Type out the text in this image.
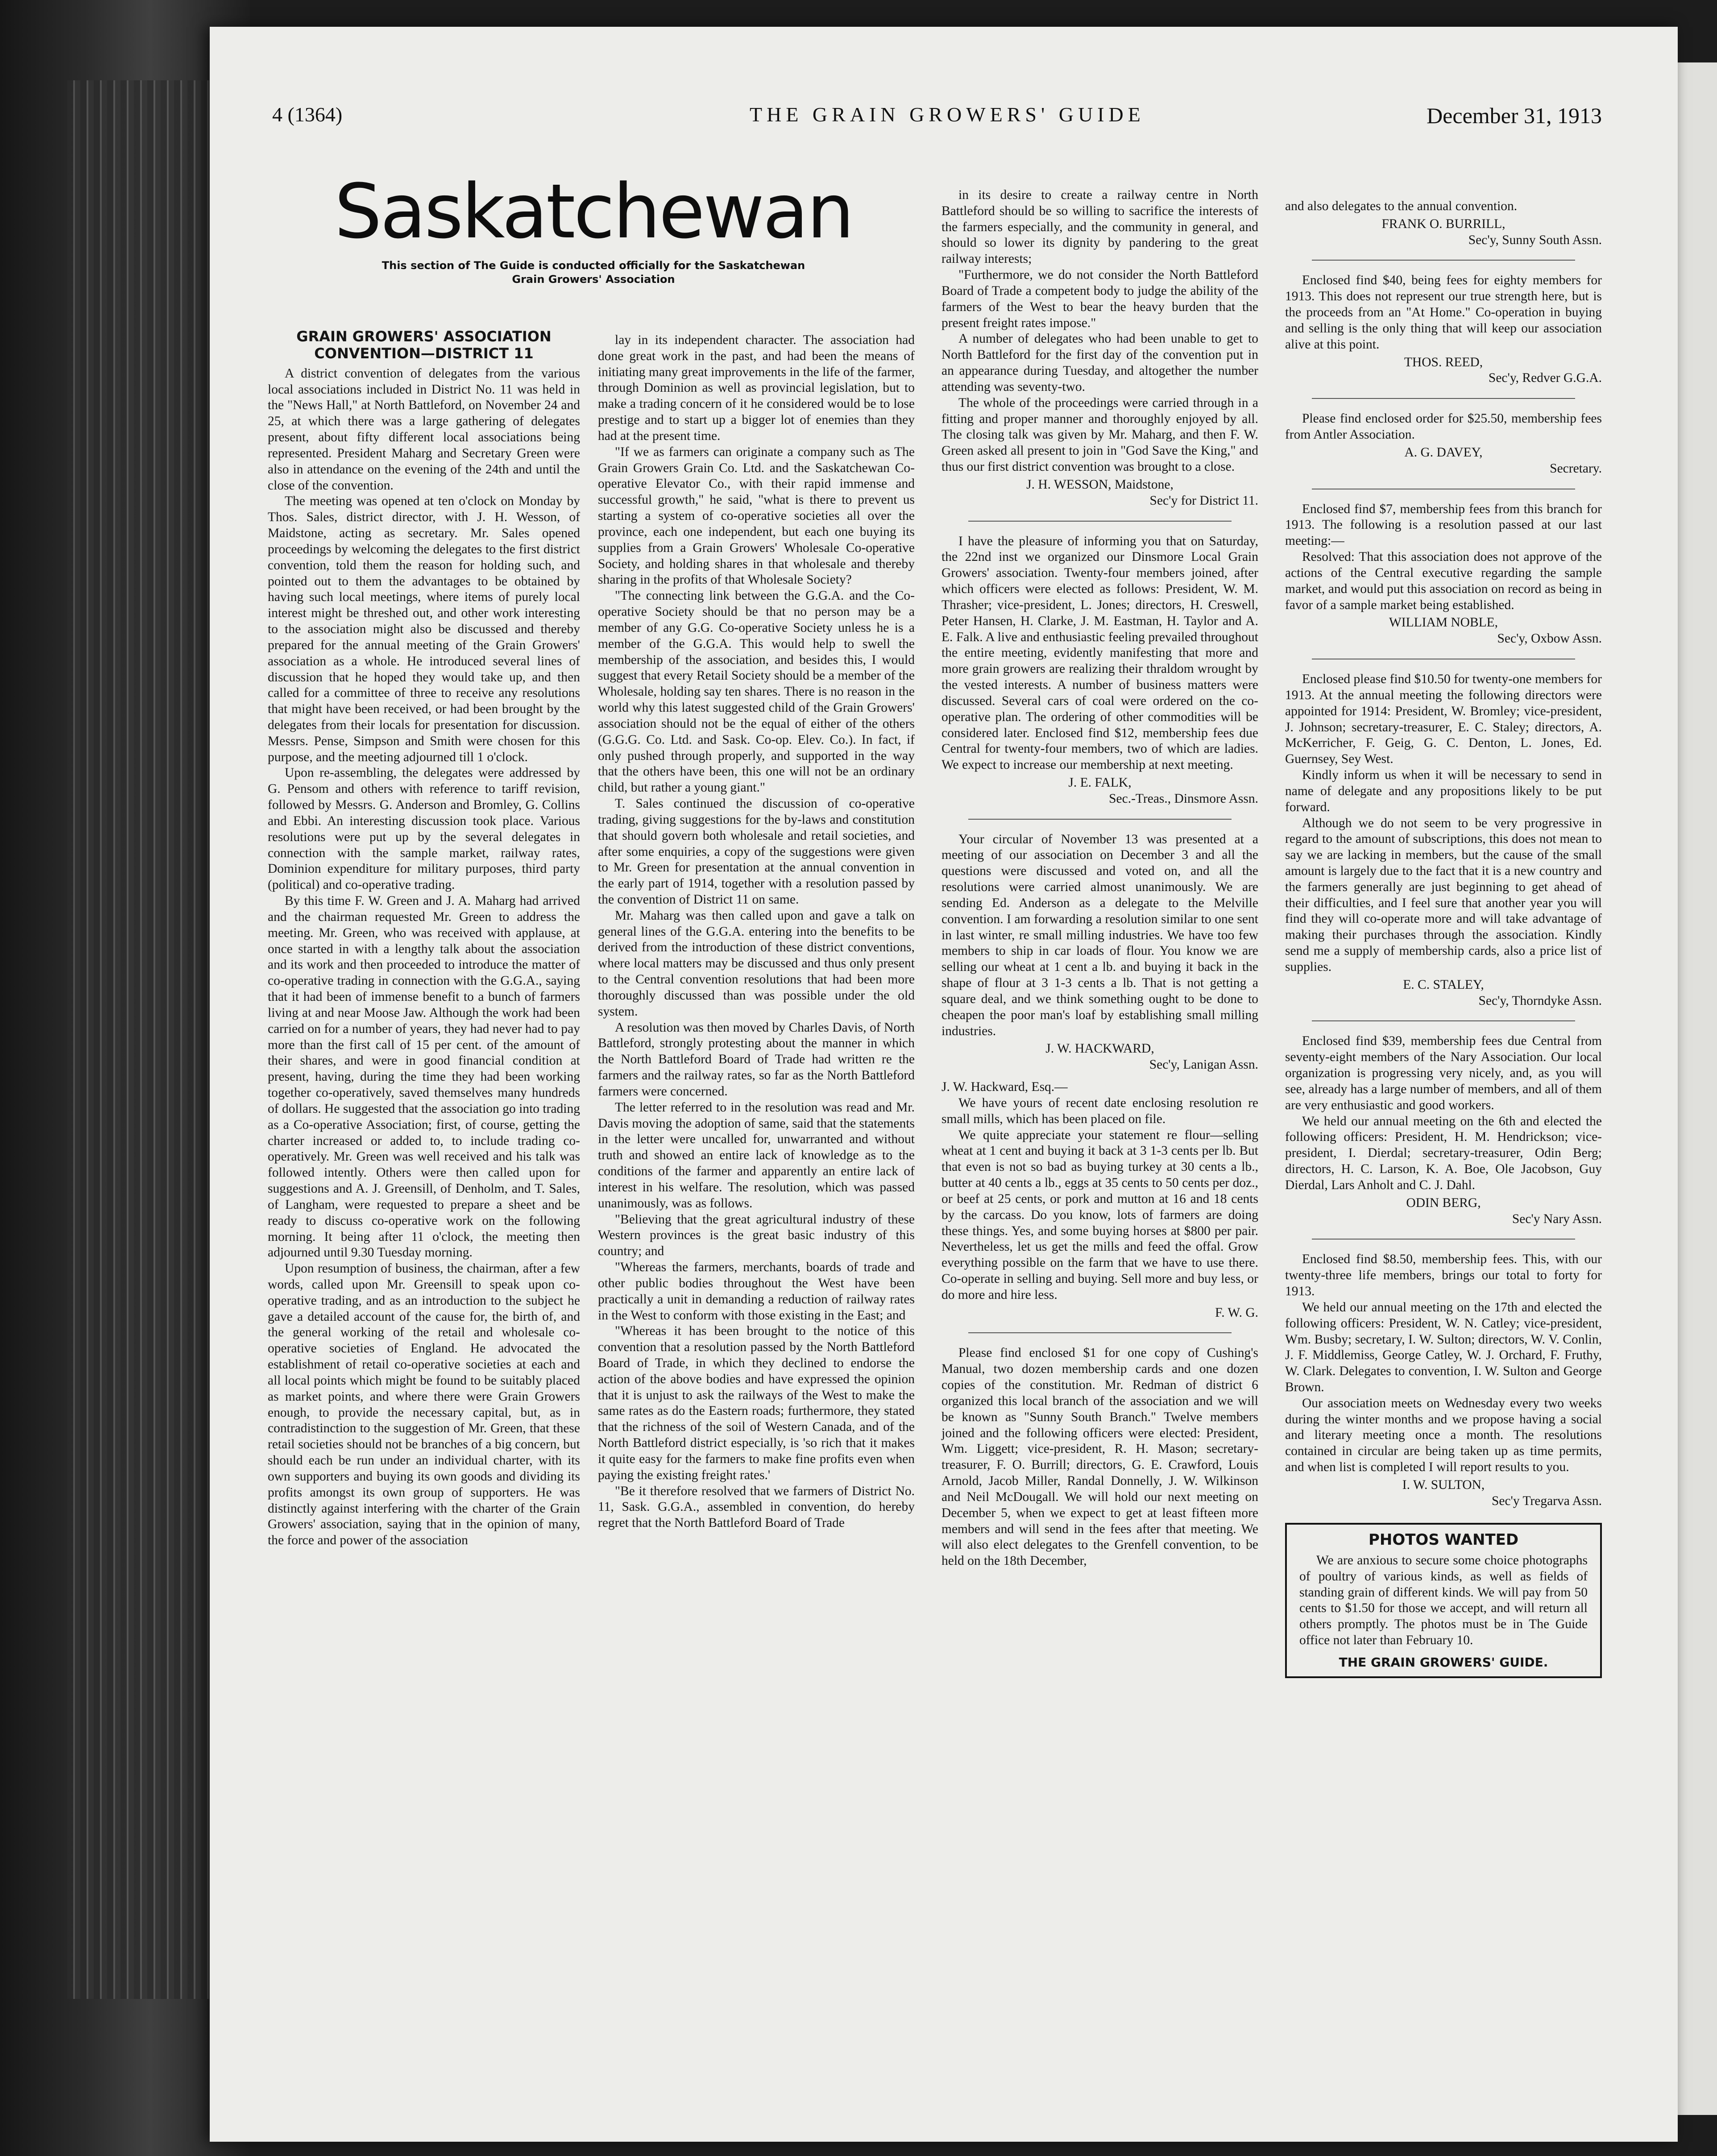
4 (1364)	THE GRAIN GROWERS' GUIDE	December 31, 1913
Saskatchewan
This section of The Guide is conducted officially for the Saskatchewan
Grain Growers' Association
GRAIN GROWERS' ASSOCIATION CONVENTION—DISTRICT 11

A district convention of delegates from the various local associations included in District No. 11 was held in the "News Hall," at North Battleford, on November 24 and 25, at which there was a large gathering of delegates present, about fifty different local associations being represented. President Maharg and Secretary Green were also in attendance on the evening of the 24th and until the close of the convention.

The meeting was opened at ten o'clock on Monday by Thos. Sales, district director, with J. H. Wesson, of Maidstone, acting as secretary. Mr. Sales opened proceedings by welcoming the delegates to the first district convention, told them the reason for holding such, and pointed out to them the advantages to be obtained by having such local meetings, where items of purely local interest might be threshed out, and other work interesting to the association might also be discussed and thereby prepared for the annual meeting of the Grain Growers' association as a whole. He introduced several lines of discussion that he hoped they would take up, and then called for a committee of three to receive any resolutions that might have been received, or had been brought by the delegates from their locals for presentation for discussion. Messrs. Pense, Simpson and Smith were chosen for this purpose, and the meeting adjourned till 1 o'clock.

Upon re-assembling, the delegates were addressed by G. Pensom and others with reference to tariff revision, followed by Messrs. G. Anderson and Bromley, G. Collins and Ebbi. An interesting discussion took place. Various resolutions were put up by the several delegates in connection with the sample market, railway rates, Dominion expenditure for military purposes, third party (political) and co-operative trading.

By this time F. W. Green and J. A. Maharg had arrived and the chairman requested Mr. Green to address the meeting. Mr. Green, who was received with applause, at once started in with a lengthy talk about the association and its work and then proceeded to introduce the matter of co-operative trading in connection with the G.G.A., saying that it had been of immense benefit to a bunch of farmers living at and near Moose Jaw. Although the work had been carried on for a number of years, they had never had to pay more than the first call of 15 per cent. of the amount of their shares, and were in good financial condition at present, having, during the time they had been working together co-operatively, saved themselves many hundreds of dollars. He suggested that the association go into trading as a Co-operative Association; first, of course, getting the charter increased or added to, to include trading co-operatively. Mr. Green was well received and his talk was followed intently. Others were then called upon for suggestions and A. J. Greensill, of Denholm, and T. Sales, of Langham, were requested to prepare a sheet and be ready to discuss co-operative work on the following morning. It being after 11 o'clock, the meeting then adjourned until 9.30 Tuesday morning.

Upon resumption of business, the chairman, after a few words, called upon Mr. Greensill to speak upon co-operative trading, and as an introduction to the subject he gave a detailed account of the cause for, the birth of, and the general working of the retail and wholesale co-operative societies of England. He advocated the establishment of retail co-operative societies at each and all local points which might be found to be suitably placed as market points, and where there were Grain Growers enough, to provide the necessary capital, but, as in contradistinction to the suggestion of Mr. Green, that these retail societies should not be branches of a big concern, but should each be run under an individual charter, with its own supporters and buying its own goods and dividing its profits amongst its own group of supporters. He was distinctly against interfering with the charter of the Grain Growers' association, saying that in the opinion of many, the force and power of the association

lay in its independent character. The association had done great work in the past, and had been the means of initiating many great improvements in the life of the farmer, through Dominion as well as provincial legislation, but to make a trading concern of it he considered would be to lose prestige and to start up a bigger lot of enemies than they had at the present time.

"If we as farmers can originate a company such as The Grain Growers Grain Co. Ltd. and the Saskatchewan Co-operative Elevator Co., with their rapid immense and successful growth," he said, "what is there to prevent us starting a system of co-operative societies all over the province, each one independent, but each one buying its supplies from a Grain Growers' Wholesale Co-operative Society, and holding shares in that wholesale and thereby sharing in the profits of that Wholesale Society?

"The connecting link between the G.G.A. and the Co-operative Society should be that no person may be a member of any G.G. Co-operative Society unless he is a member of the G.G.A. This would help to swell the membership of the association, and besides this, I would suggest that every Retail Society should be a member of the Wholesale, holding say ten shares. There is no reason in the world why this latest suggested child of the Grain Growers' association should not be the equal of either of the others (G.G.G. Co. Ltd. and Sask. Co-op. Elev. Co.). In fact, if only pushed through properly, and supported in the way that the others have been, this one will not be an ordinary child, but rather a young giant."

T. Sales continued the discussion of co-operative trading, giving suggestions for the by-laws and constitution that should govern both wholesale and retail societies, and after some enquiries, a copy of the suggestions were given to Mr. Green for presentation at the annual convention in the early part of 1914, together with a resolution passed by the convention of District 11 on same.

Mr. Maharg was then called upon and gave a talk on general lines of the G.G.A. entering into the benefits to be derived from the introduction of these district conventions, where local matters may be discussed and thus only present to the Central convention resolutions that had been more thoroughly discussed than was possible under the old system.

A resolution was then moved by Charles Davis, of North Battleford, strongly protesting about the manner in which the North Battleford Board of Trade had written re the farmers and the railway rates, so far as the North Battleford farmers were concerned.

The letter referred to in the resolution was read and Mr. Davis moving the adoption of same, said that the statements in the letter were uncalled for, unwarranted and without truth and showed an entire lack of knowledge as to the conditions of the farmer and apparently an entire lack of interest in his welfare. The resolution, which was passed unanimously, was as follows.

"Believing that the great agricultural industry of these Western provinces is the great basic industry of this country; and

"Whereas the farmers, merchants, boards of trade and other public bodies throughout the West have been practically a unit in demanding a reduction of railway rates in the West to conform with those existing in the East; and

"Whereas it has been brought to the notice of this convention that a resolution passed by the North Battleford Board of Trade, in which they declined to endorse the action of the above bodies and have expressed the opinion that it is unjust to ask the railways of the West to make the same rates as do the Eastern roads; furthermore, they stated that the richness of the soil of Western Canada, and of the North Battleford district especially, is 'so rich that it makes it quite easy for the farmers to make fine profits even when paying the existing freight rates.'

"Be it therefore resolved that we farmers of District No. 11, Sask. G.G.A., assembled in convention, do hereby regret that the North Battleford Board of Trade

in its desire to create a railway centre in North Battleford should be so willing to sacrifice the interests of the farmers especially, and the community in general, and should so lower its dignity by pandering to the great railway interests;

"Furthermore, we do not consider the North Battleford Board of Trade a competent body to judge the ability of the farmers of the West to bear the heavy burden that the present freight rates impose."

A number of delegates who had been unable to get to North Battleford for the first day of the convention put in an appearance during Tuesday, and altogether the number attending was seventy-two.

The whole of the proceedings were carried through in a fitting and proper manner and thoroughly enjoyed by all. The closing talk was given by Mr. Maharg, and then F. W. Green asked all present to join in "God Save the King," and thus our first district convention was brought to a close.

J. H. WESSON, Maidstone,
Sec'y for District 11.

I have the pleasure of informing you that on Saturday, the 22nd inst we organized our Dinsmore Local Grain Growers' association. Twenty-four members joined, after which officers were elected as follows: President, W. M. Thrasher; vice-president, L. Jones; directors, H. Creswell, Peter Hansen, H. Clarke, J. M. Eastman, H. Taylor and A. E. Falk. A live and enthusiastic feeling prevailed throughout the entire meeting, evidently manifesting that more and more grain growers are realizing their thraldom wrought by the vested interests. A number of business matters were discussed. Several cars of coal were ordered on the co-operative plan. The ordering of other commodities will be considered later. Enclosed find $12, membership fees due Central for twenty-four members, two of which are ladies. We expect to increase our membership at next meeting.

J. E. FALK,
Sec.-Treas., Dinsmore Assn.

Your circular of November 13 was presented at a meeting of our association on December 3 and all the questions were discussed and voted on, and all the resolutions were carried almost unanimously. We are sending Ed. Anderson as a delegate to the Melville convention. I am forwarding a resolution similar to one sent in last winter, re small milling industries. We have too few members to ship in car loads of flour. You know we are selling our wheat at 1 cent a lb. and buying it back in the shape of flour at 3 1-3 cents a lb. That is not getting a square deal, and we think something ought to be done to cheapen the poor man's loaf by establishing small milling industries.

J. W. HACKWARD,
Sec'y, Lanigan Assn.

J. W. Hackward, Esq.—

We have yours of recent date enclosing resolution re small mills, which has been placed on file.

We quite appreciate your statement re flour—selling wheat at 1 cent and buying it back at 3 1-3 cents per lb. But that even is not so bad as buying turkey at 30 cents a lb., butter at 40 cents a lb., eggs at 35 cents to 50 cents per doz., or beef at 25 cents, or pork and mutton at 16 and 18 cents by the carcass. Do you know, lots of farmers are doing these things. Yes, and some buying horses at $800 per pair. Nevertheless, let us get the mills and feed the offal. Grow everything possible on the farm that we have to use there. Co-operate in selling and buying. Sell more and buy less, or do more and hire less.

F. W. G.

Please find enclosed $1 for one copy of Cushing's Manual, two dozen membership cards and one dozen copies of the constitution. Mr. Redman of district 6 organized this local branch of the association and we will be known as "Sunny South Branch." Twelve members joined and the following officers were elected: President, Wm. Liggett; vice-president, R. H. Mason; secretary-treasurer, F. O. Burrill; directors, G. E. Crawford, Louis Arnold, Jacob Miller, Randal Donnelly, J. W. Wilkinson and Neil McDougall. We will hold our next meeting on December 5, when we expect to get at least fifteen more members and will send in the fees after that meeting. We will also elect delegates to the Grenfell convention, to be held on the 18th December,

and also delegates to the annual convention.

FRANK O. BURRILL,
Sec'y, Sunny South Assn.

Enclosed find $40, being fees for eighty members for 1913. This does not represent our true strength here, but is the proceeds from an "At Home." Co-operation in buying and selling is the only thing that will keep our association alive at this point.

THOS. REED,
Sec'y, Redver G.G.A.

Please find enclosed order for $25.50, membership fees from Antler Association.

A. G. DAVEY,
Secretary.

Enclosed find $7, membership fees from this branch for 1913. The following is a resolution passed at our last meeting:—

Resolved: That this association does not approve of the actions of the Central executive regarding the sample market, and would put this association on record as being in favor of a sample market being established.

WILLIAM NOBLE,
Sec'y, Oxbow Assn.

Enclosed please find $10.50 for twenty-one members for 1913. At the annual meeting the following directors were appointed for 1914: President, W. Bromley; vice-president, J. Johnson; secretary-treasurer, E. C. Staley; directors, A. McKerricher, F. Geig, G. C. Denton, L. Jones, Ed. Guernsey, Sey West.

Kindly inform us when it will be necessary to send in name of delegate and any propositions likely to be put forward.

Although we do not seem to be very progressive in regard to the amount of subscriptions, this does not mean to say we are lacking in members, but the cause of the small amount is largely due to the fact that it is a new country and the farmers generally are just beginning to get ahead of their difficulties, and I feel sure that another year you will find they will co-operate more and will take advantage of making their purchases through the association. Kindly send me a supply of membership cards, also a price list of supplies.

E. C. STALEY,
Sec'y, Thorndyke Assn.

Enclosed find $39, membership fees due Central from seventy-eight members of the Nary Association. Our local organization is progressing very nicely, and, as you will see, already has a large number of members, and all of them are very enthusiastic and good workers.

We held our annual meeting on the 6th and elected the following officers: President, H. M. Hendrickson; vice-president, I. Dierdal; secretary-treasurer, Odin Berg; directors, H. C. Larson, K. A. Boe, Ole Jacobson, Guy Dierdal, Lars Anholt and C. J. Dahl.

ODIN BERG,
Sec'y Nary Assn.

Enclosed find $8.50, membership fees. This, with our twenty-three life members, brings our total to forty for 1913.

We held our annual meeting on the 17th and elected the following officers: President, W. N. Catley; vice-president, Wm. Busby; secretary, I. W. Sulton; directors, W. V. Conlin, J. F. Middlemiss, George Catley, W. J. Orchard, F. Fruthy, W. Clark. Delegates to convention, I. W. Sulton and George Brown.

Our association meets on Wednesday every two weeks during the winter months and we propose having a social and literary meeting once a month. The resolutions contained in circular are being taken up as time permits, and when list is completed I will report results to you.

I. W. SULTON,
Sec'y Tregarva Assn.
PHOTOS WANTED

We are anxious to secure some choice photographs of poultry of various kinds, as well as fields of standing grain of different kinds. We will pay from 50 cents to $1.50 for those we accept, and will return all others promptly. The photos must be in The Guide office not later than February 10.

THE GRAIN GROWERS' GUIDE.
